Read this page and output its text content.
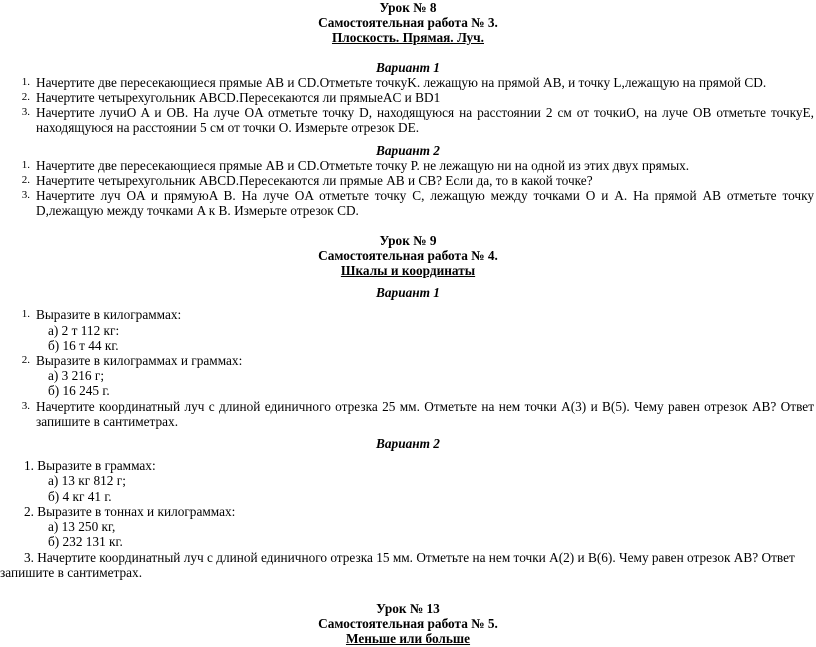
Урок № 8
Самостоятельная работа № 3.
Плоскость. Прямая. Луч.
Вариант 1
1. Начертите две пересекающиеся прямые AB и CD.Отметьте точкуK. лежащую на прямой AB, и точку L,лежащую на прямой CD.
2. Начертите четырехугольник ABCD.Пересекаются ли прямыеAC и BD1
3. Начертите лучиO A и OB. На луче OA отметьте точку D, находящуюся на расстоянии 2 см от точкиO, на луче OB отметьте точкуE, находящуюся на расстоянии 5 см от точки O. Измерьте отрезок DE.
Вариант 2
1. Начертите две пересекающиеся прямые AB и CD.Отметьте точку P. не лежащую ни на одной из этих двух прямых.
2. Начертите четырехугольник ABCD.Пересекаются ли прямые AB и CB? Если да, то в какой точке?
3. Начертите луч OA и прямуюA B. На луче OA отметьте точку С, лежащую между точками O и A. На прямой AB отметьте точку D,лежащую между точками A к B. Измерьте отрезок CD.
Урок № 9
Самостоятельная работа № 4.
Шкалы и координаты
Вариант 1
1. Выразите в килограммах:
а) 2 т 112 кг:
б) 16 т 44 кг.
2. Выразите в килограммах и граммах:
а) 3 216 г;
б) 16 245 г.
3. Начертите координатный луч с длиной единичного отрезка 25 мм. Отметьте на нем точки A(3) и B(5). Чему равен отрезок AB? Ответ запишите в сантиметрах.
Вариант 2
1. Выразите в граммах:
а) 13 кг 812 г;
б) 4 кг 41 г.
2. Выразите в тоннах и килограммах:
а) 13 250 кг,
б) 232 131 кг.
3. Начертите координатный луч с длиной единичного отрезка 15 мм. Отметьте на нем точки A(2) и B(6). Чему равен отрезок AB? Ответ запишите в сантиметрах.
Урок № 13
Самостоятельная работа № 5.
Меньше или больше
